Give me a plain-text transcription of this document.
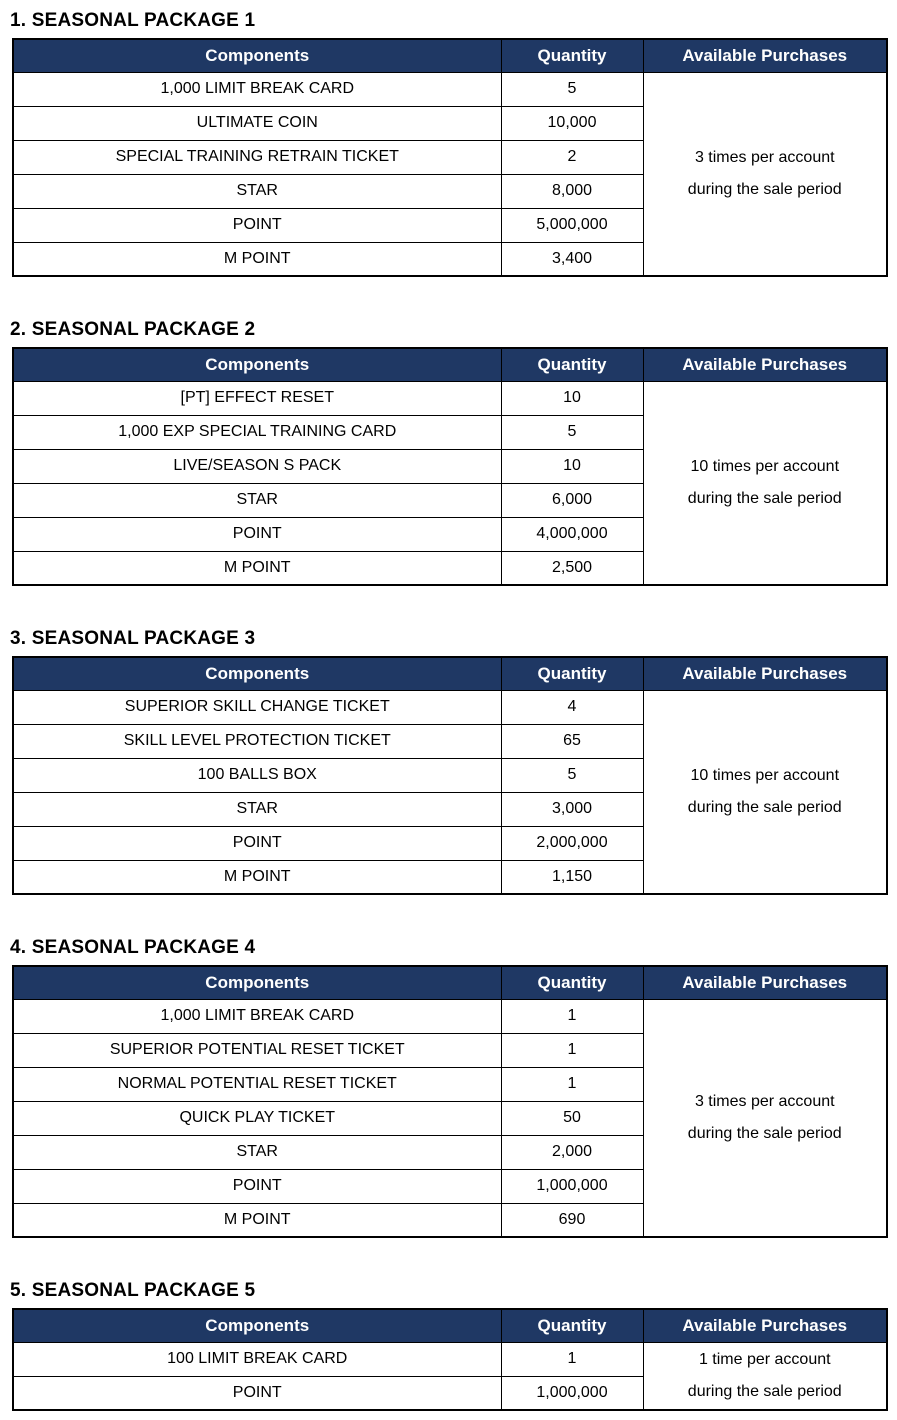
1. SEASONAL PACKAGE 1
Components	Quantity	Available Purchases
1,000 LIMIT BREAK CARD	5	3 times per account
during the sale period

ULTIMATE COIN	10,000	
SPECIAL TRAINING RETRAIN TICKET	2	
STAR	8,000	
POINT	5,000,000	
M POINT	3,400	
2. SEASONAL PACKAGE 2
Components	Quantity	Available Purchases
[PT] EFFECT RESET	10	10 times per account
during the sale period

1,000 EXP SPECIAL TRAINING CARD	5	
LIVE/SEASON S PACK	10	
STAR	6,000	
POINT	4,000,000	
M POINT	2,500	
3. SEASONAL PACKAGE 3
Components	Quantity	Available Purchases
SUPERIOR SKILL CHANGE TICKET	4	10 times per account
during the sale period

SKILL LEVEL PROTECTION TICKET	65	
100 BALLS BOX	5	
STAR	3,000	
POINT	2,000,000	
M POINT	1,150	
4. SEASONAL PACKAGE 4
Components	Quantity	Available Purchases
1,000 LIMIT BREAK CARD	1	3 times per account
during the sale period

SUPERIOR POTENTIAL RESET TICKET	1	
NORMAL POTENTIAL RESET TICKET	1	
QUICK PLAY TICKET	50	
STAR	2,000	
POINT	1,000,000	
M POINT	690	
5. SEASONAL PACKAGE 5
Components	Quantity	Available Purchases
100 LIMIT BREAK CARD	1	1 time per account
during the sale period

POINT	1,000,000	
